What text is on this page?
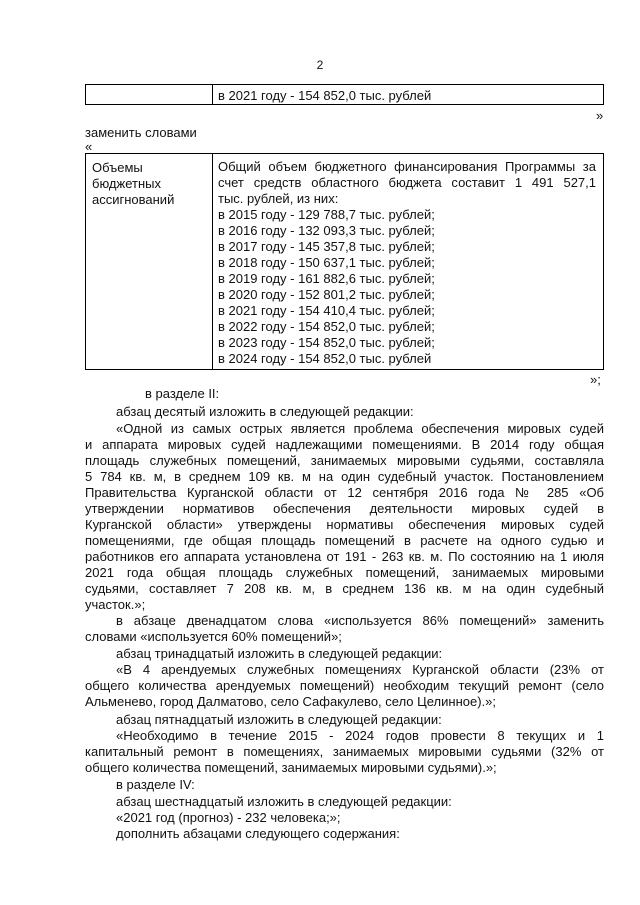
2
в 2021 году - 154 852,0 тыс. рублей
»
заменить словами
«
Объемы
бюджетных
ассигнований
Общий объем бюджетного финансирования Программы за
счет средств областного бюджета составит 1 491 527,1
тыс. рублей, из них:
в 2015 году - 129 788,7 тыс. рублей;
в 2016 году - 132 093,3 тыс. рублей;
в 2017 году - 145 357,8 тыс. рублей;
в 2018 году - 150 637,1 тыс. рублей;
в 2019 году - 161 882,6 тыс. рублей;
в 2020 году - 152 801,2 тыс. рублей;
в 2021 году - 154 410,4 тыс. рублей;
в 2022 году - 154 852,0 тыс. рублей;
в 2023 году - 154 852,0 тыс. рублей;
в 2024 году - 154 852,0 тыс. рублей
»;
в разделе II:
абзац десятый изложить в следующей редакции:
«Одной из самых острых является проблема обеспечения мировых судей
и аппарата мировых судей надлежащими помещениями. В 2014 году общая
площадь служебных помещений, занимаемых мировыми судьями, составляла
5 784 кв. м, в среднем 109 кв. м на один судебный участок. Постановлением
Правительства Курганской области от 12 сентября 2016 года № 285 «Об
утверждении нормативов обеспечения деятельности мировых судей в
Курганской области» утверждены нормативы обеспечения мировых судей
помещениями, где общая площадь помещений в расчете на одного судью и
работников его аппарата установлена от 191 - 263 кв. м. По состоянию на 1 июля
2021 года общая площадь служебных помещений, занимаемых мировыми
судьями, составляет 7 208 кв. м, в среднем 136 кв. м на один судебный
участок.»;
в абзаце двенадцатом слова «используется 86% помещений» заменить
словами «используется 60% помещений»;
абзац тринадцатый изложить в следующей редакции:
«В 4 арендуемых служебных помещениях Курганской области (23% от
общего количества арендуемых помещений) необходим текущий ремонт (село
Альменево, город Далматово, село Сафакулево, село Целинное).»;
абзац пятнадцатый изложить в следующей редакции:
«Необходимо в течение 2015 - 2024 годов провести 8 текущих и 1
капитальный ремонт в помещениях, занимаемых мировыми судьями (32% от
общего количества помещений, занимаемых мировыми судьями).»;
в разделе IV:
абзац шестнадцатый изложить в следующей редакции:
«2021 год (прогноз) - 232 человека;»;
дополнить абзацами следующего содержания:
